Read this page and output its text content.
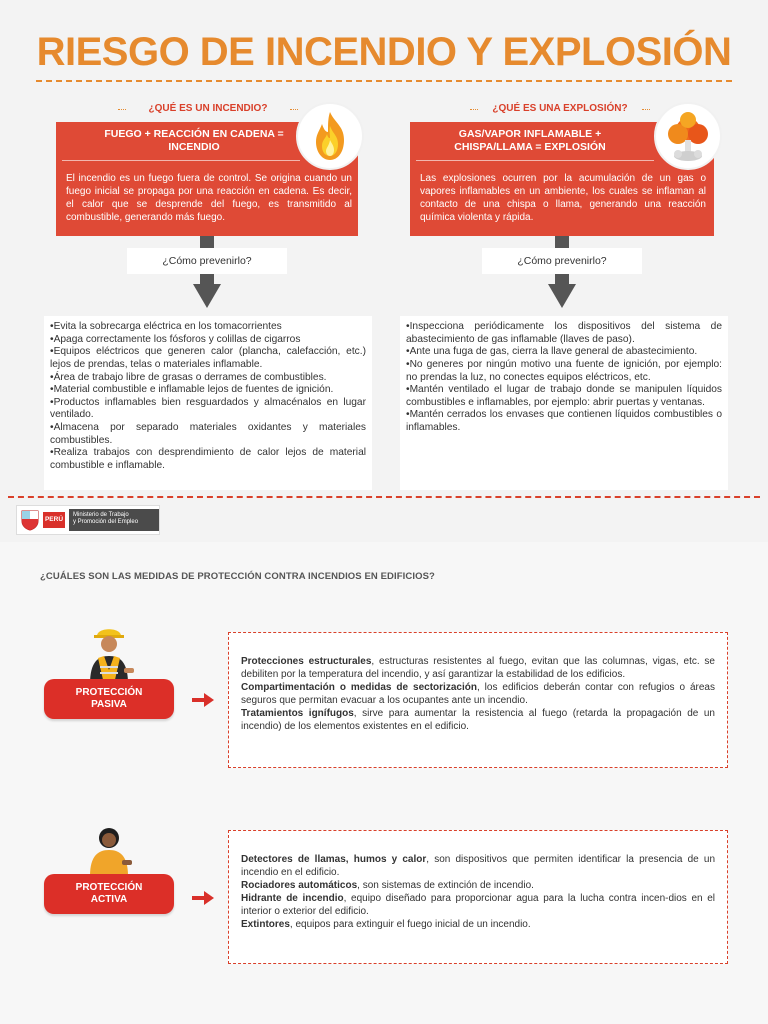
RIESGO DE INCENDIO Y EXPLOSIÓN
¿QUÉ ES UN INCENDIO?
FUEGO + REACCIÓN EN CADENA = INCENDIO
El incendio es un fuego fuera de control. Se origina cuando un fuego inicial se propaga por una reacción en cadena. Es decir, el calor que se desprende del fuego, es transmitido al combustible, generando más fuego.
¿Cómo prevenirlo?
•Evita la sobrecarga eléctrica en los tomacorrientes
•Apaga correctamente los fósforos y colillas de cigarros
•Equipos eléctricos que generen calor (plancha, calefacción, etc.) lejos de prendas, telas o materiales inflamable.
•Área de trabajo libre de grasas o derrames de combustibles.
•Material combustible e inflamable lejos de fuentes de ignición.
•Productos inflamables bien resguardados y almacénalos en lugar ventilado.
•Almacena por separado materiales oxidantes y materiales combustibles.
•Realiza trabajos con desprendimiento de calor lejos de material combustible e inflamable.
¿QUÉ ES UNA EXPLOSIÓN?
GAS/VAPOR INFLAMABLE + CHISPA/LLAMA = EXPLOSIÓN
Las explosiones ocurren por la acumulación de un gas o vapores inflamables en un ambiente, los cuales se inflaman al contacto de una chispa o llama, generando una reacción química violenta y rápida.
¿Cómo prevenirlo?
•Inspecciona periódicamente los dispositivos del sistema de abastecimiento de gas inflamable (llaves de paso).
•Ante una fuga de gas, cierra la llave general de abastecimiento.
•No generes por ningún motivo una fuente de ignición, por ejemplo: no prendas la luz, no conectes equipos eléctricos, etc.
•Mantén ventilado el lugar de trabajo donde se manipulen líquidos combustibles e inflamables, por ejemplo: abrir puertas y ventanas.
•Mantén cerrados los envases que contienen líquidos combustibles o inflamables.
PERÚ
Ministerio de Trabajo
y Promoción del Empleo
¿CUÁLES SON LAS MEDIDAS DE PROTECCIÓN CONTRA INCENDIOS EN EDIFICIOS?
PROTECCIÓN
PASIVA
Protecciones estructurales, estructuras resistentes al fuego, evitan que las columnas, vigas, etc. se debiliten por la temperatura del incendio, y así garantizar la estabilidad de los edificios.
Compartimentación o medidas de sectorización, los edificios deberán contar con refugios o áreas seguros que permitan evacuar a los ocupantes ante un incendio.
Tratamientos ignífugos, sirve para aumentar la resistencia al fuego (retarda la propagación de un incendio) de los elementos existentes en el edificio.
PROTECCIÓN
ACTIVA
Detectores de llamas, humos y calor, son dispositivos que permiten identificar la presencia de un incendio en el edificio.
Rociadores automáticos, son sistemas de extinción de incendio.
Hidrante de incendio, equipo diseñado para proporcionar agua para la lucha contra incen-dios en el interior o exterior del edificio.
Extintores, equipos para extinguir el fuego inicial de un incendio.
